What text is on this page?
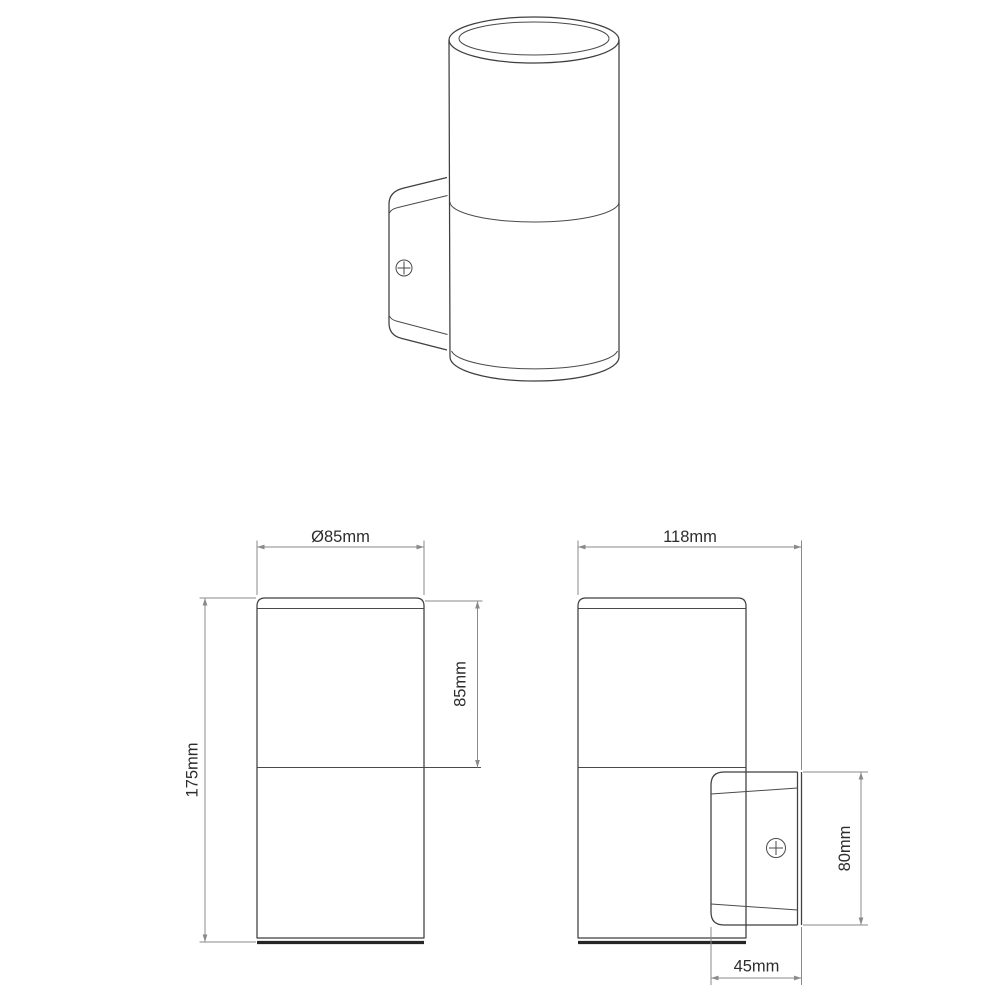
Ø85mm
175mm
85mm
118mm
80mm
45mm
